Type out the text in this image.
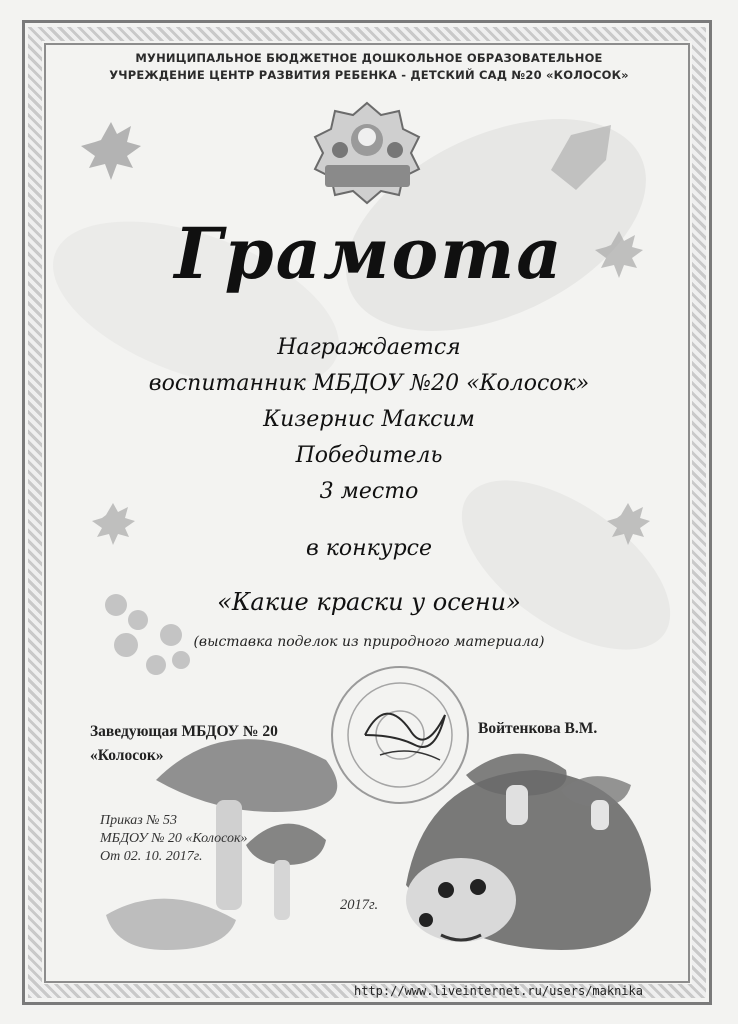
МУНИЦИПАЛЬНОЕ БЮДЖЕТНОЕ ДОШКОЛЬНОЕ ОБРАЗОВАТЕЛЬНОЕ
УЧРЕЖДЕНИЕ ЦЕНТР РАЗВИТИЯ РЕБЕНКА - ДЕТСКИЙ САД №20 «КОЛОСОК»
Грамота
Награждается
воспитанник МБДОУ №20 «Колосок»
Кизернис Максим
Победитель
3 место
в конкурсе
«Какие краски у осени»
(выставка поделок из природного материала)
Заведующая МБДОУ № 20
«Колосок»
Войтенкова В.М.
Приказ № 53
МБДОУ № 20 «Колосок»
От 02. 10. 2017г.
2017г.
http://www.liveinternet.ru/users/maknika
